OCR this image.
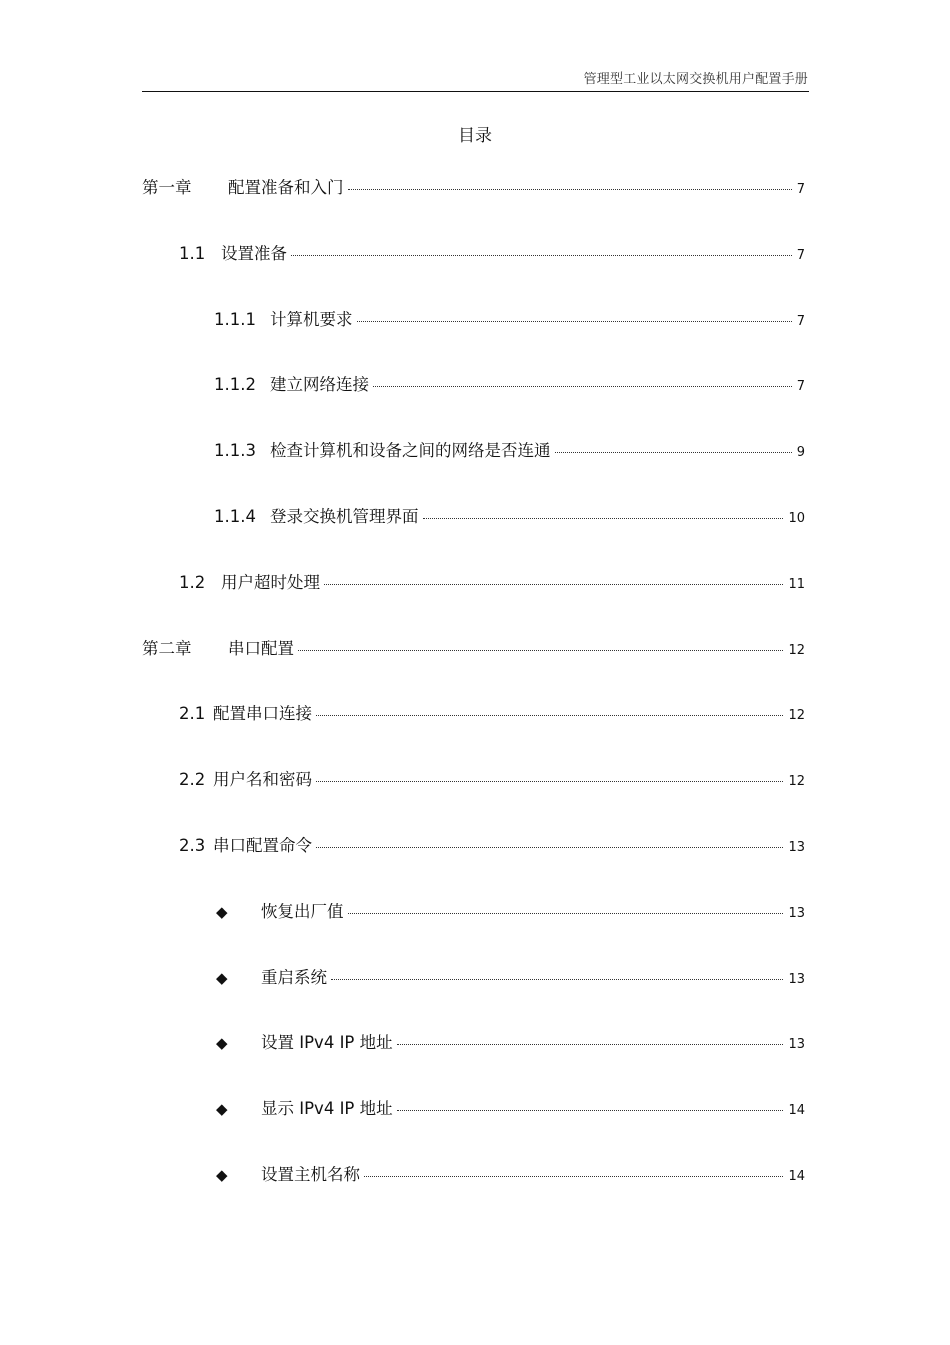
管理型工业以太网交换机用户配置手册
目录
第一章	配置准备和入门	7
1.1 设置准备	7
1.1.1 计算机要求	7
1.1.2 建立网络连接	7
1.1.3 检查计算机和设备之间的网络是否连通	9
1.1.4 登录交换机管理界面	10
1.2 用户超时处理	11
第二章	串口配置	12
2.1 配置串口连接	12
2.2 用户名和密码	12
2.3 串口配置命令	13
◆	恢复出厂值	13
◆	重启系统	13
◆	设置 IPv4 IP 地址	13
◆	显示 IPv4 IP 地址	14
◆	设置主机名称	14
